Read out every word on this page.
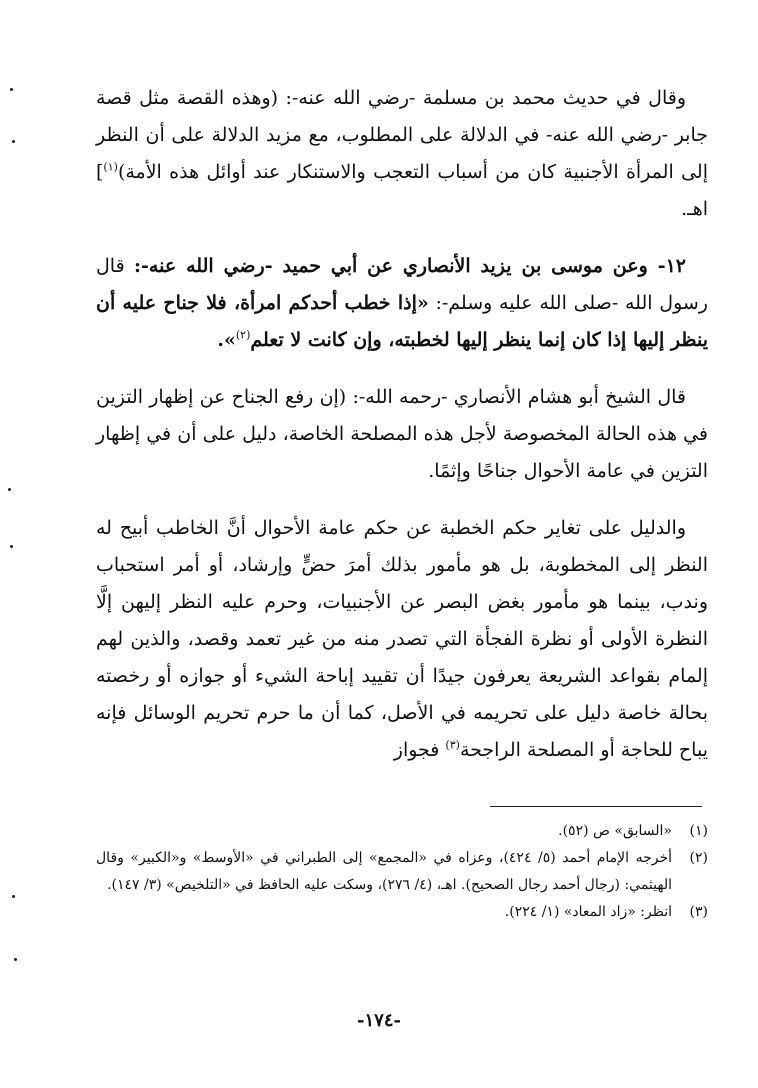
وقال في حديث محمد بن مسلمة -رضي الله عنه-: (وهذه القصة مثل قصة جابر -رضي الله عنه- في الدلالة على المطلوب، مع مزيد الدلالة على أن النظر إلى المرأة الأجنبية كان من أسباب التعجب والاستنكار عند أوائل هذه الأمة)$^{(١)}$] اهـ.

١٢- وعن موسى بن يزيد الأنصاري عن أبي حميد -رضي الله عنه-: قال رسول الله -صلى الله عليه وسلم-: «إذا خطب أحدكم امرأة، فلا جناح عليه أن ينظر إليها إذا كان إنما ينظر إليها لخطبته، وإن كانت لا تعلم$^{(٢)}$».

قال الشيخ أبو هشام الأنصاري -رحمه الله-: (إن رفع الجناح عن إظهار التزين في هذه الحالة المخصوصة لأجل هذه المصلحة الخاصة، دليل على أن في إظهار التزين في عامة الأحوال جناحًا وإثمًا.

والدليل على تغاير حكم الخطبة عن حكم عامة الأحوال أنَّ الخاطب أبيح له النظر إلى المخطوبة، بل هو مأمور بذلك أمرَ حضٍّ وإرشاد، أو أمر استحباب وندب، بينما هو مأمور بغض البصر عن الأجنبيات، وحرم عليه النظر إليهن إلَّا النظرة الأولى أو نظرة الفجأة التي تصدر منه من غير تعمد وقصد، والذين لهم إلمام بقواعد الشريعة يعرفون جيدًا أن تقييد إباحة الشيء أو جوازه أو رخصته بحالة خاصة دليل على تحريمه في الأصل، كما أن ما حرم تحريم الوسائل فإنه يباح للحاجة أو المصلحة الراجحة$^{(٣)}$ فجواز

(١)
«السابق» ص (٥٢).

(٢)
أخرجه الإمام أحمد (٥/ ٤٢٤)، وعزاه في «المجمع» إلى الطبراني في «الأوسط» و«الكبير» وقال الهيثمي: (رجال أحمد رجال الصحيح). اهـ، (٤/ ٢٧٦)، وسكت عليه الحافظ في «التلخيص» (٣/ ١٤٧).

(٣)
انظر: «زاد المعاد» (١/ ٢٢٤).

-١٧٤-
